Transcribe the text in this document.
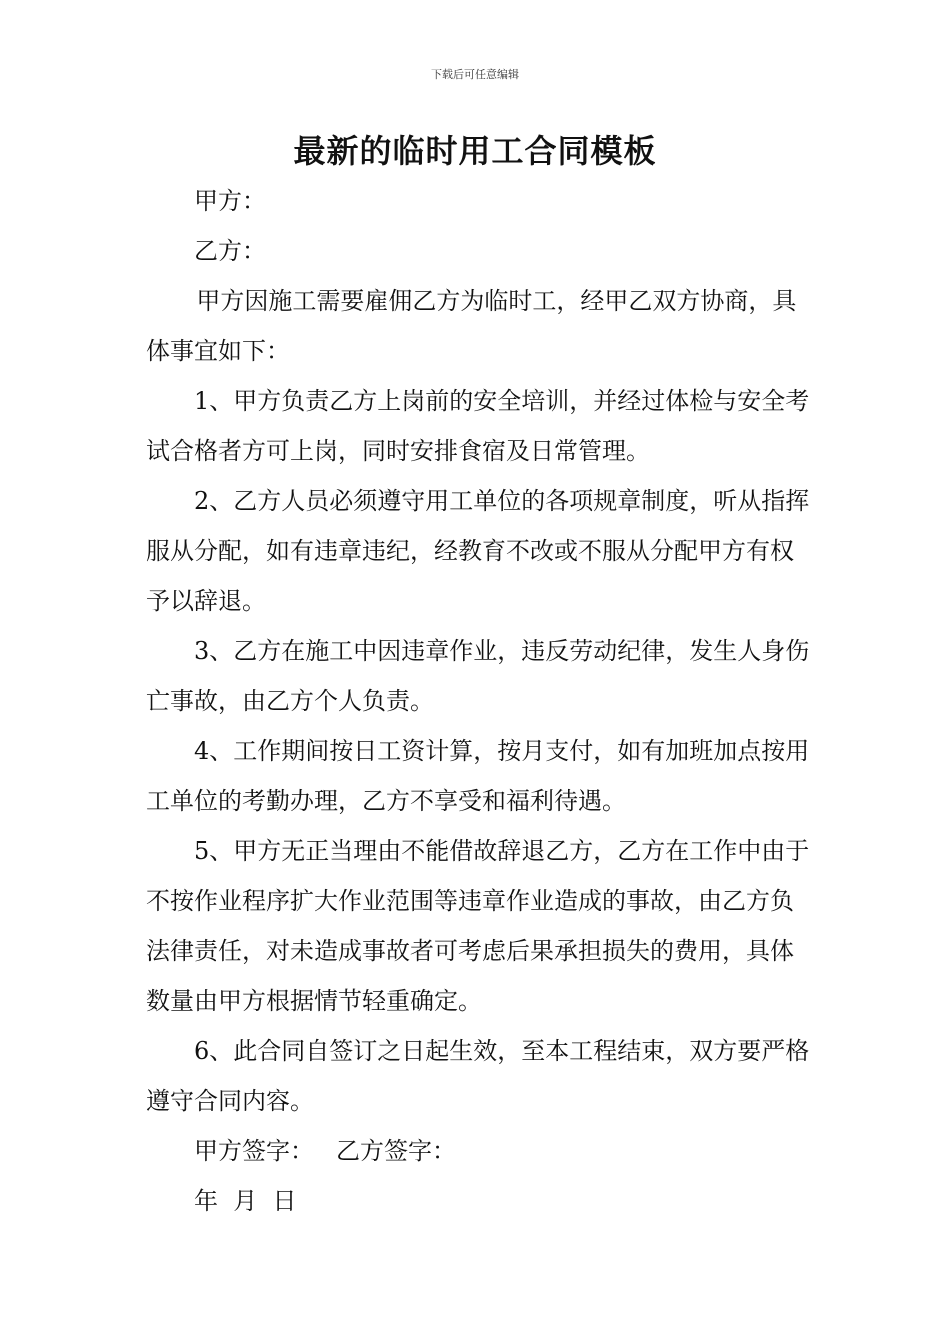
下载后可任意编辑
最新的临时用工合同模板

甲方：

乙方：

甲方因施工需要雇佣乙方为临时工，经甲乙双方协商，具体事宜如下：

1、甲方负责乙方上岗前的安全培训，并经过体检与安全考试合格者方可上岗，同时安排食宿及日常管理。

2、乙方人员必须遵守用工单位的各项规章制度，听从指挥服从分配，如有违章违纪，经教育不改或不服从分配甲方有权予以辞退。

3、乙方在施工中因违章作业，违反劳动纪律，发生人身伤亡事故，由乙方个人负责。

4、工作期间按日工资计算，按月支付，如有加班加点按用工单位的考勤办理，乙方不享受和福利待遇。

5、甲方无正当理由不能借故辞退乙方，乙方在工作中由于不按作业程序扩大作业范围等违章作业造成的事故，由乙方负法律责任，对未造成事故者可考虑后果承担损失的费用，具体数量由甲方根据情节轻重确定。

6、此合同自签订之日起生效，至本工程结束，双方要严格遵守合同内容。

甲方签字： 乙方签字：

年  月  日
